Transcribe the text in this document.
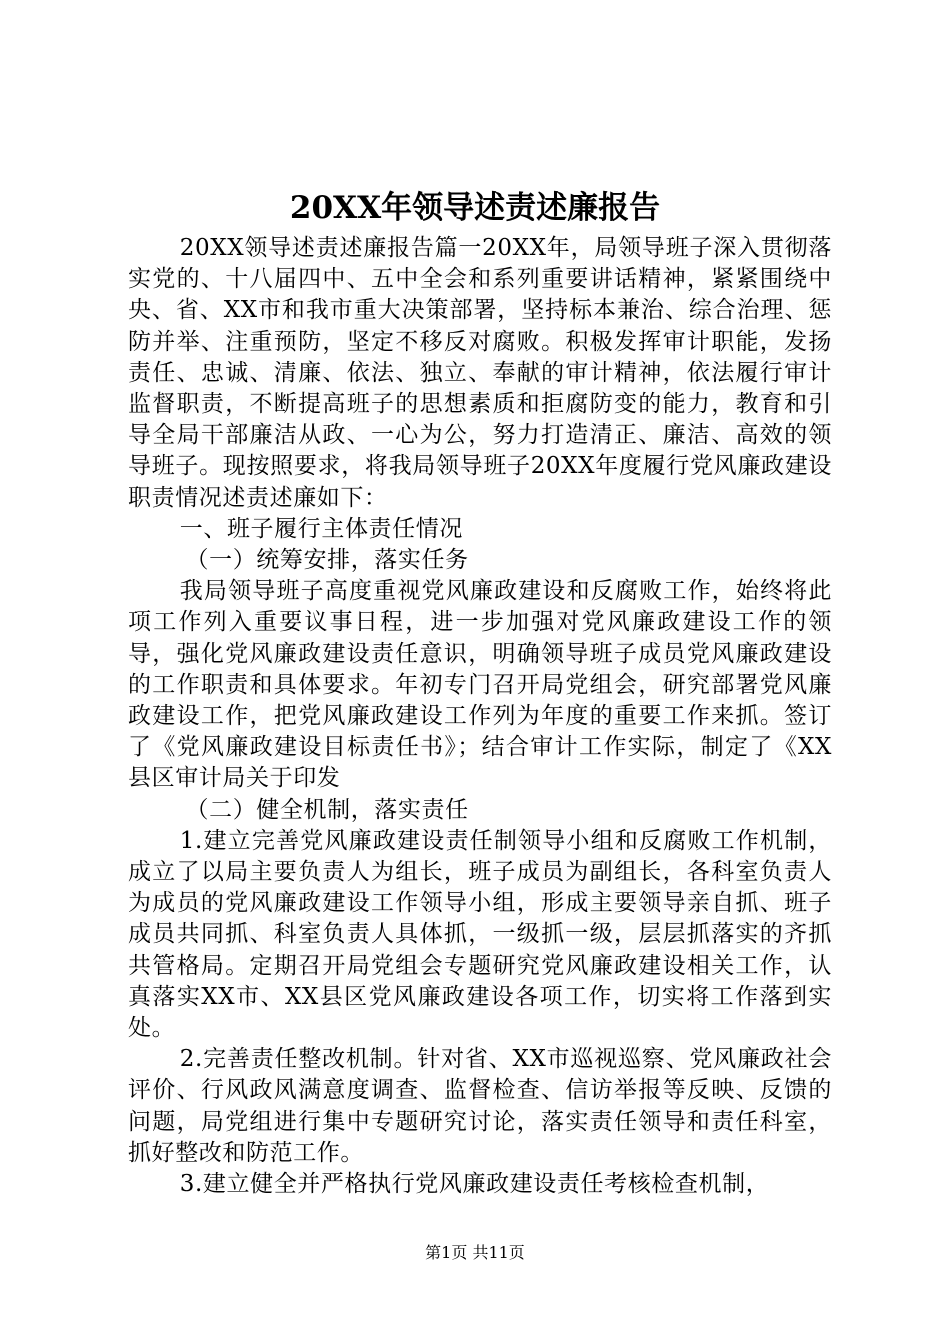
20XX年领导述责述廉报告

20XX领导述责述廉报告篇一20XX年，局领导班子深入贯彻落实党的、十八届四中、五中全会和系列重要讲话精神，紧紧围绕中央、省、XX市和我市重大决策部署，坚持标本兼治、综合治理、惩防并举、注重预防，坚定不移反对腐败。积极发挥审计职能，发扬责任、忠诚、清廉、依法、独立、奉献的审计精神，依法履行审计监督职责，不断提高班子的思想素质和拒腐防变的能力，教育和引导全局干部廉洁从政、一心为公，努力打造清正、廉洁、高效的领导班子。现按照要求，将我局领导班子20XX年度履行党风廉政建设职责情况述责述廉如下：

一、班子履行主体责任情况

（一）统筹安排，落实任务

我局领导班子高度重视党风廉政建设和反腐败工作，始终将此项工作列入重要议事日程，进一步加强对党风廉政建设工作的领导，强化党风廉政建设责任意识，明确领导班子成员党风廉政建设的工作职责和具体要求。年初专门召开局党组会，研究部署党风廉政建设工作，把党风廉政建设工作列为年度的重要工作来抓。签订了《党风廉政建设目标责任书》；结合审计工作实际，制定了《XX县区审计局关于印发

（二）健全机制，落实责任

1.建立完善党风廉政建设责任制领导小组和反腐败工作机制，成立了以局主要负责人为组长，班子成员为副组长，各科室负责人为成员的党风廉政建设工作领导小组，形成主要领导亲自抓、班子成员共同抓、科室负责人具体抓，一级抓一级，层层抓落实的齐抓共管格局。定期召开局党组会专题研究党风廉政建设相关工作，认真落实XX市、XX县区党风廉政建设各项工作，切实将工作落到实处。

2.完善责任整改机制。针对省、XX市巡视巡察、党风廉政社会评价、行风政风满意度调查、监督检查、信访举报等反映、反馈的问题，局党组进行集中专题研究讨论，落实责任领导和责任科室，抓好整改和防范工作。

3.建立健全并严格执行党风廉政建设责任考核检查机制，

第1页 共11页
